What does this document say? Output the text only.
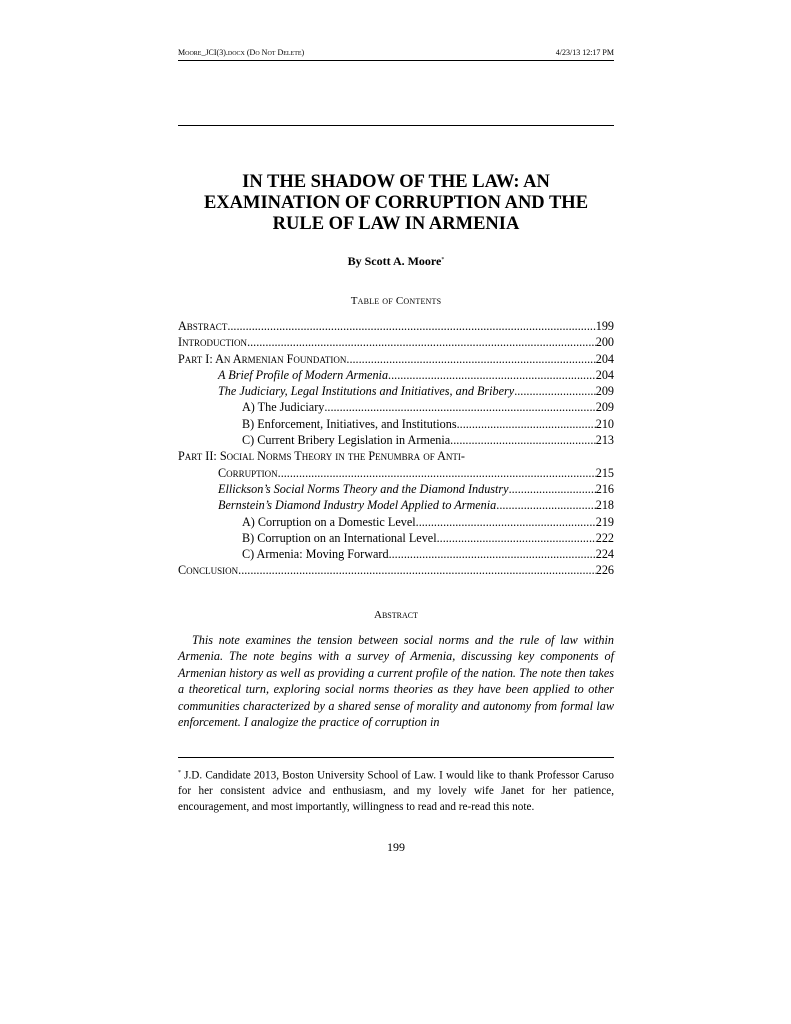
Moore_JCI(3).docx (Do Not Delete)	4/23/13 12:17 PM
IN THE SHADOW OF THE LAW: AN
EXAMINATION OF CORRUPTION AND THE
RULE OF LAW IN ARMENIA
By Scott A. Moore*
Table of Contents
Abstract .....	199
Introduction .....	200
Part I: An Armenian Foundation .....	204
A Brief Profile of Modern Armenia .....	204
The Judiciary, Legal Institutions and Initiatives, and Bribery .....	209
A) The Judiciary .....	209
B) Enforcement, Initiatives, and Institutions .....	210
C) Current Bribery Legislation in Armenia .....	213
Part II: Social Norms Theory in the Penumbra of Anti-
Corruption .....	215
Ellickson’s Social Norms Theory and the Diamond Industry .....	216
Bernstein’s Diamond Industry Model Applied to Armenia .....	218
A) Corruption on a Domestic Level .....	219
B) Corruption on an International Level .....	222
C) Armenia: Moving Forward .....	224
Conclusion .....	226
Abstract
This note examines the tension between social norms and the rule of law within Armenia. The note begins with a survey of Armenia, discussing key components of Armenian history as well as providing a current profile of the nation. The note then takes a theoretical turn, exploring social norms theories as they have been applied to other communities characterized by a shared sense of morality and autonomy from formal law enforcement. I analogize the practice of corruption in
* J.D. Candidate 2013, Boston University School of Law. I would like to thank Professor Caruso for her consistent advice and enthusiasm, and my lovely wife Janet for her patience, encouragement, and most importantly, willingness to read and re-read this note.
199
